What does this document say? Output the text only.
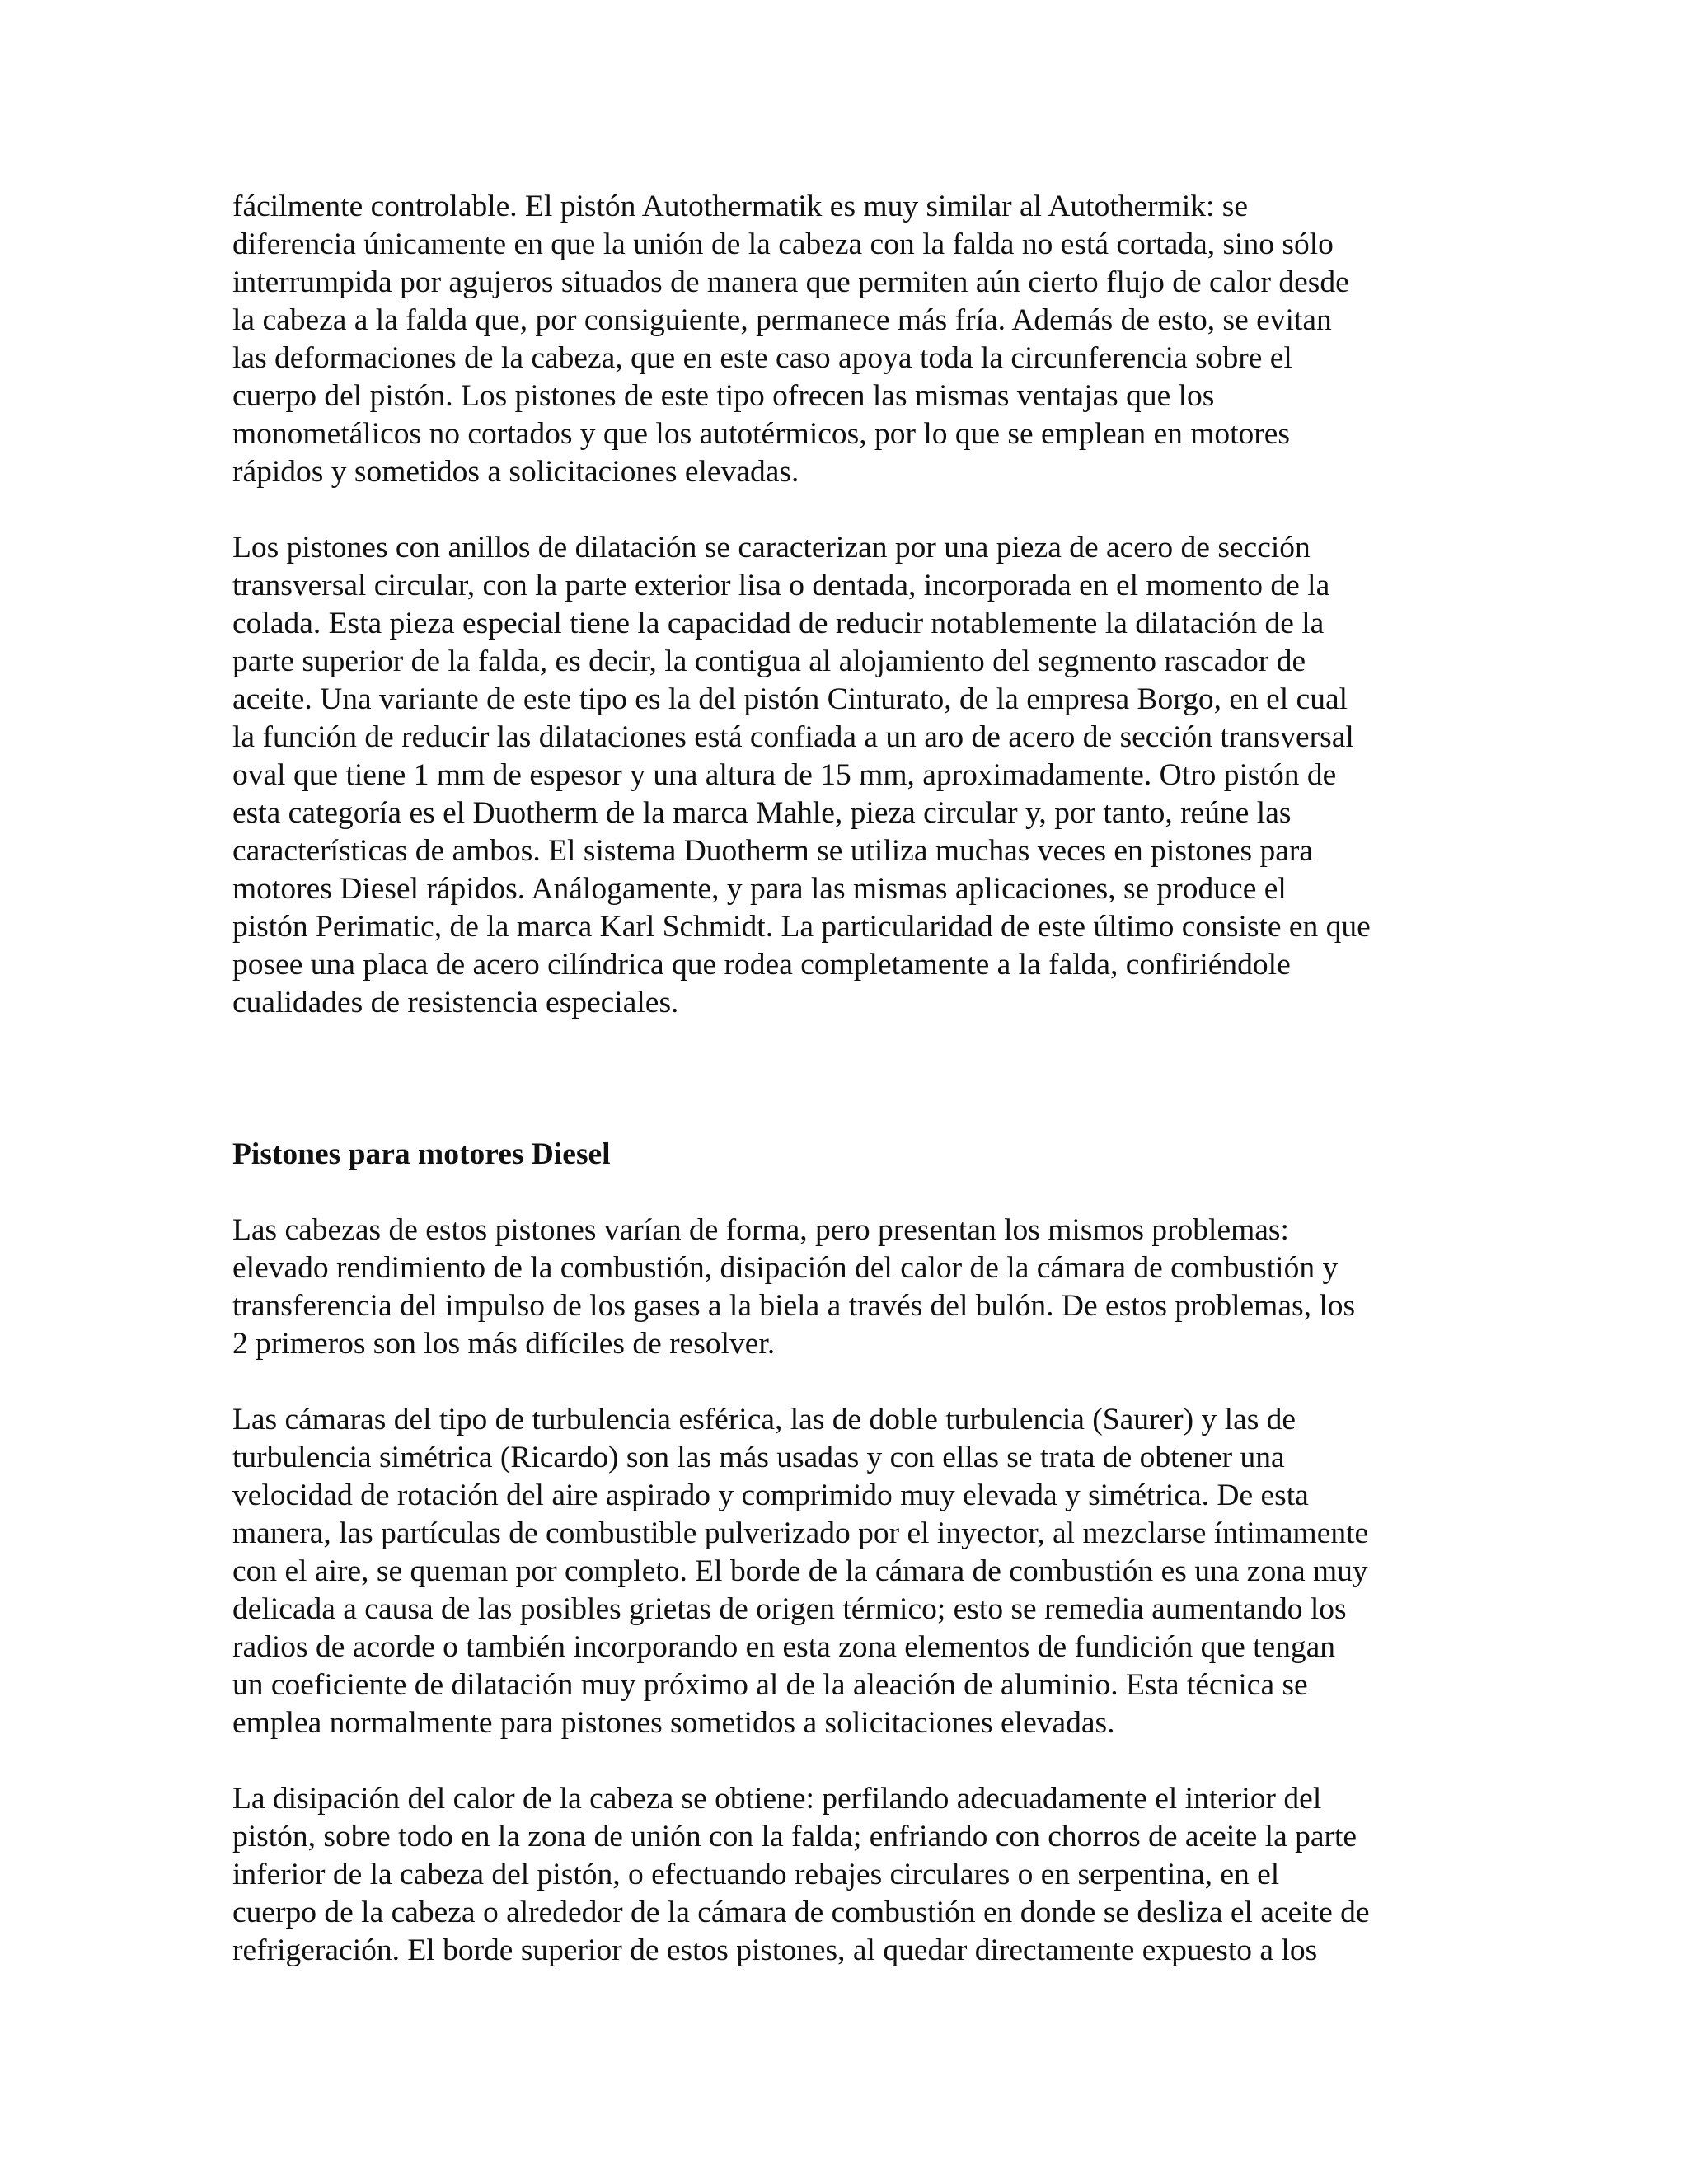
fácilmente controlable. El pistón Autothermatik es muy similar al Autothermik: se
diferencia únicamente en que la unión de la cabeza con la falda no está cortada, sino sólo
interrumpida por agujeros situados de manera que permiten aún cierto flujo de calor desde
la cabeza a la falda que, por consiguiente, permanece más fría. Además de esto, se evitan
las deformaciones de la cabeza, que en este caso apoya toda la circunferencia sobre el
cuerpo del pistón. Los pistones de este tipo ofrecen las mismas ventajas que los
monometálicos no cortados y que los autotérmicos, por lo que se emplean en motores
rápidos y sometidos a solicitaciones elevadas.

Los pistones con anillos de dilatación se caracterizan por una pieza de acero de sección
transversal circular, con la parte exterior lisa o dentada, incorporada en el momento de la
colada. Esta pieza especial tiene la capacidad de reducir notablemente la dilatación de la
parte superior de la falda, es decir, la contigua al alojamiento del segmento rascador de
aceite. Una variante de este tipo es la del pistón Cinturato, de la empresa Borgo, en el cual
la función de reducir las dilataciones está confiada a un aro de acero de sección transversal
oval que tiene 1 mm de espesor y una altura de 15 mm, aproximadamente. Otro pistón de
esta categoría es el Duotherm de la marca Mahle, pieza circular y, por tanto, reúne las
características de ambos. El sistema Duotherm se utiliza muchas veces en pistones para
motores Diesel rápidos. Análogamente, y para las mismas aplicaciones, se produce el
pistón Perimatic, de la marca Karl Schmidt. La particularidad de este último consiste en que
posee una placa de acero cilíndrica que rodea completamente a la falda, confiriéndole
cualidades de resistencia especiales.

Pistones para motores Diesel

Las cabezas de estos pistones varían de forma, pero presentan los mismos problemas:
elevado rendimiento de la combustión, disipación del calor de la cámara de combustión y
transferencia del impulso de los gases a la biela a través del bulón. De estos problemas, los
2 primeros son los más difíciles de resolver.

Las cámaras del tipo de turbulencia esférica, las de doble turbulencia (Saurer) y las de
turbulencia simétrica (Ricardo) son las más usadas y con ellas se trata de obtener una
velocidad de rotación del aire aspirado y comprimido muy elevada y simétrica. De esta
manera, las partículas de combustible pulverizado por el inyector, al mezclarse íntimamente
con el aire, se queman por completo. El borde de la cámara de combustión es una zona muy
delicada a causa de las posibles grietas de origen térmico; esto se remedia aumentando los
radios de acorde o también incorporando en esta zona elementos de fundición que tengan
un coeficiente de dilatación muy próximo al de la aleación de aluminio. Esta técnica se
emplea normalmente para pistones sometidos a solicitaciones elevadas.

La disipación del calor de la cabeza se obtiene: perfilando adecuadamente el interior del
pistón, sobre todo en la zona de unión con la falda; enfriando con chorros de aceite la parte
inferior de la cabeza del pistón, o efectuando rebajes circulares o en serpentina, en el
cuerpo de la cabeza o alrededor de la cámara de combustión en donde se desliza el aceite de
refrigeración. El borde superior de estos pistones, al quedar directamente expuesto a los
